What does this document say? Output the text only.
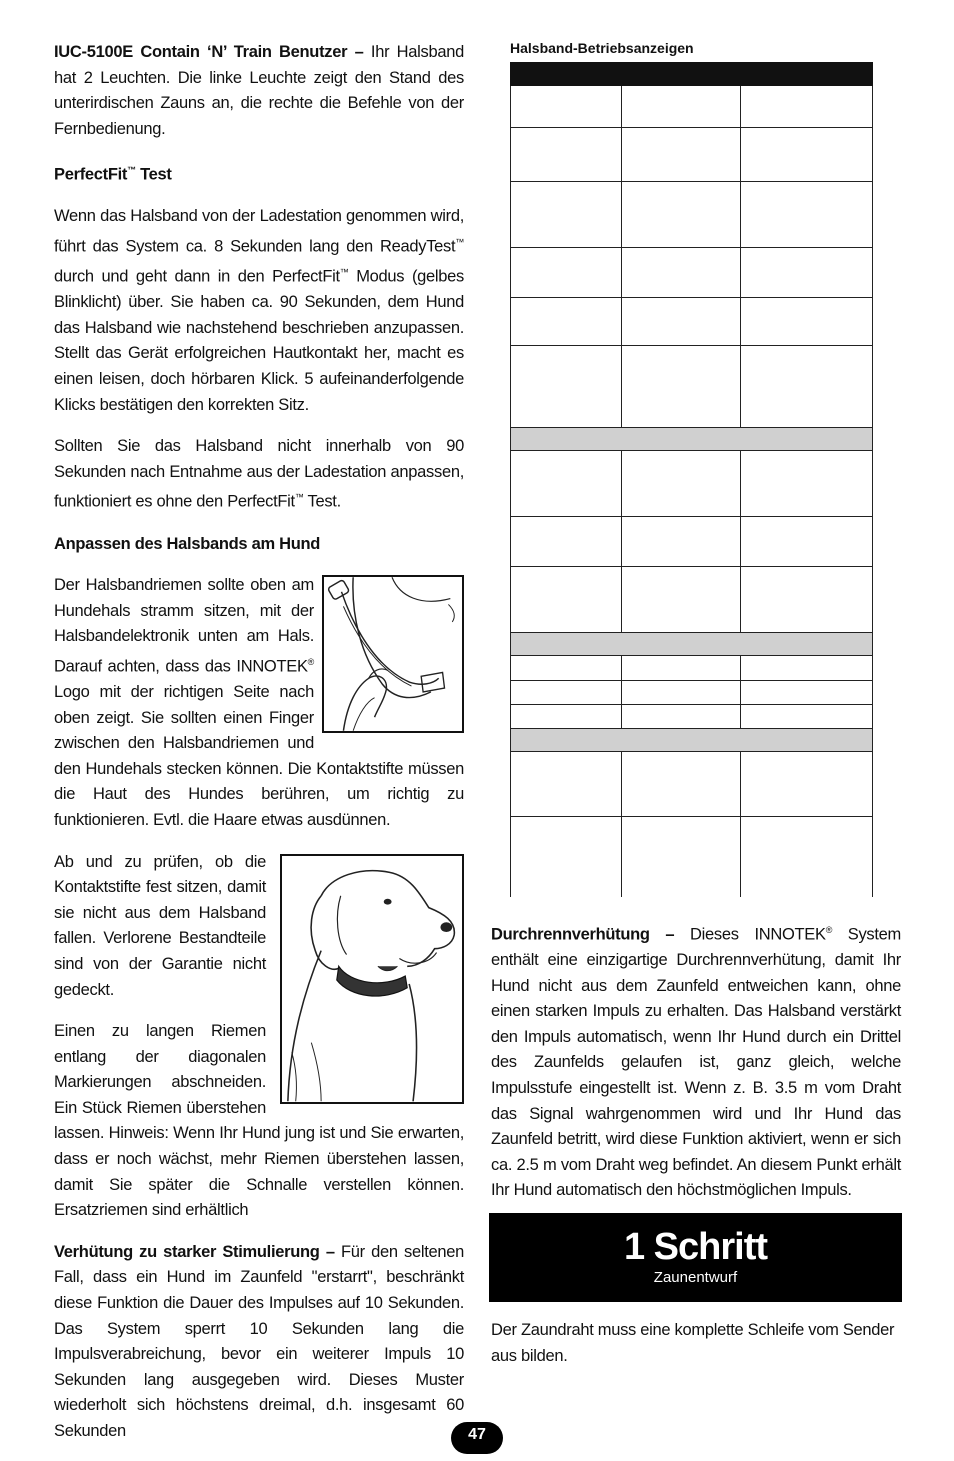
IUC-5100E Contain ‘N’ Train Benutzer – Ihr Halsband hat 2 Leuchten. Die linke Leuchte zeigt den Stand des unterirdischen Zauns an, die rechte die Befehle von der Fernbedienung.

PerfectFit™ Test

Wenn das Halsband von der Ladestation genommen wird, führt das System ca. 8 Sekunden lang den ReadyTest™ durch und geht dann in den PerfectFit™ Modus (gelbes Blinklicht) über. Sie haben ca. 90 Sekunden, dem Hund das Halsband wie nachstehend beschrieben anzupassen. Stellt das Gerät erfolgreichen Hautkontakt her, macht es einen leisen, doch hörbaren Klick. 5 aufeinanderfolgende Klicks bestätigen den korrekten Sitz.

Sollten Sie das Halsband nicht innerhalb von 90 Sekunden nach Entnahme aus der Ladestation anpassen, funktioniert es ohne den PerfectFit™ Test.

Anpassen des Halsbands am Hund

Der Halsbandriemen sollte oben am Hundehals stramm sitzen, mit der Halsbandelektronik unten am Hals. Darauf achten, dass das INNOTEK® Logo mit der richtigen Seite nach oben zeigt. Sie sollten einen Finger zwischen den Halsbandriemen und den Hundehals stecken können. Die Kontaktstifte müssen die Haut des Hundes berühren, um richtig zu funktionieren. Evtl. die Haare etwas ausdünnen.

Ab und zu prüfen, ob die Kontaktstifte fest sitzen, damit sie nicht aus dem Halsband fallen. Verlorene Bestandteile sind von der Garantie nicht gedeckt.

Einen zu langen Riemen entlang der diagonalen Markierungen abschneiden. Ein Stück Riemen überstehen lassen. Hinweis: Wenn Ihr Hund jung ist und Sie erwarten, dass er noch wächst, mehr Riemen überstehen lassen, damit Sie später die Schnalle verstellen können. Ersatzriemen sind erhältlich

Verhütung zu starker Stimulierung – Für den seltenen Fall, dass ein Hund im Zaunfeld "erstarrt", beschränkt diese Funktion die Dauer des Impulses auf 10 Sekunden. Das System sperrt 10 Sekunden lang die Impulsverabreichung, bevor ein weiterer Impuls 10 Sekunden lang ausgegeben wird. Dieses Muster wiederholt sich höchstens dreimal, d.h. insgesamt 60 Sekunden

Halsband-Betriebsanzeigen

Durchrennverhütung – Dieses INNOTEK® System enthält eine einzigartige Durchrennverhütung, damit Ihr Hund nicht aus dem Zaunfeld entweichen kann, ohne einen starken Impuls zu erhalten. Das Halsband verstärkt den Impuls automatisch, wenn Ihr Hund durch ein Drittel des Zaunfelds gelaufen ist, ganz gleich, welche Impulsstufe eingestellt ist. Wenn z. B. 3.5 m vom Draht das Signal wahrgenommen wird und Ihr Hund das Zaunfeld betritt, wird diese Funktion aktiviert, wenn er sich ca. 2.5 m vom Draht weg befindet. An diesem Punkt erhält Ihr Hund automatisch den höchstmöglichen Impuls.

1 Schritt
Zaunentwurf

Der Zaundraht muss eine komplette Schleife vom Sender aus bilden.

47
